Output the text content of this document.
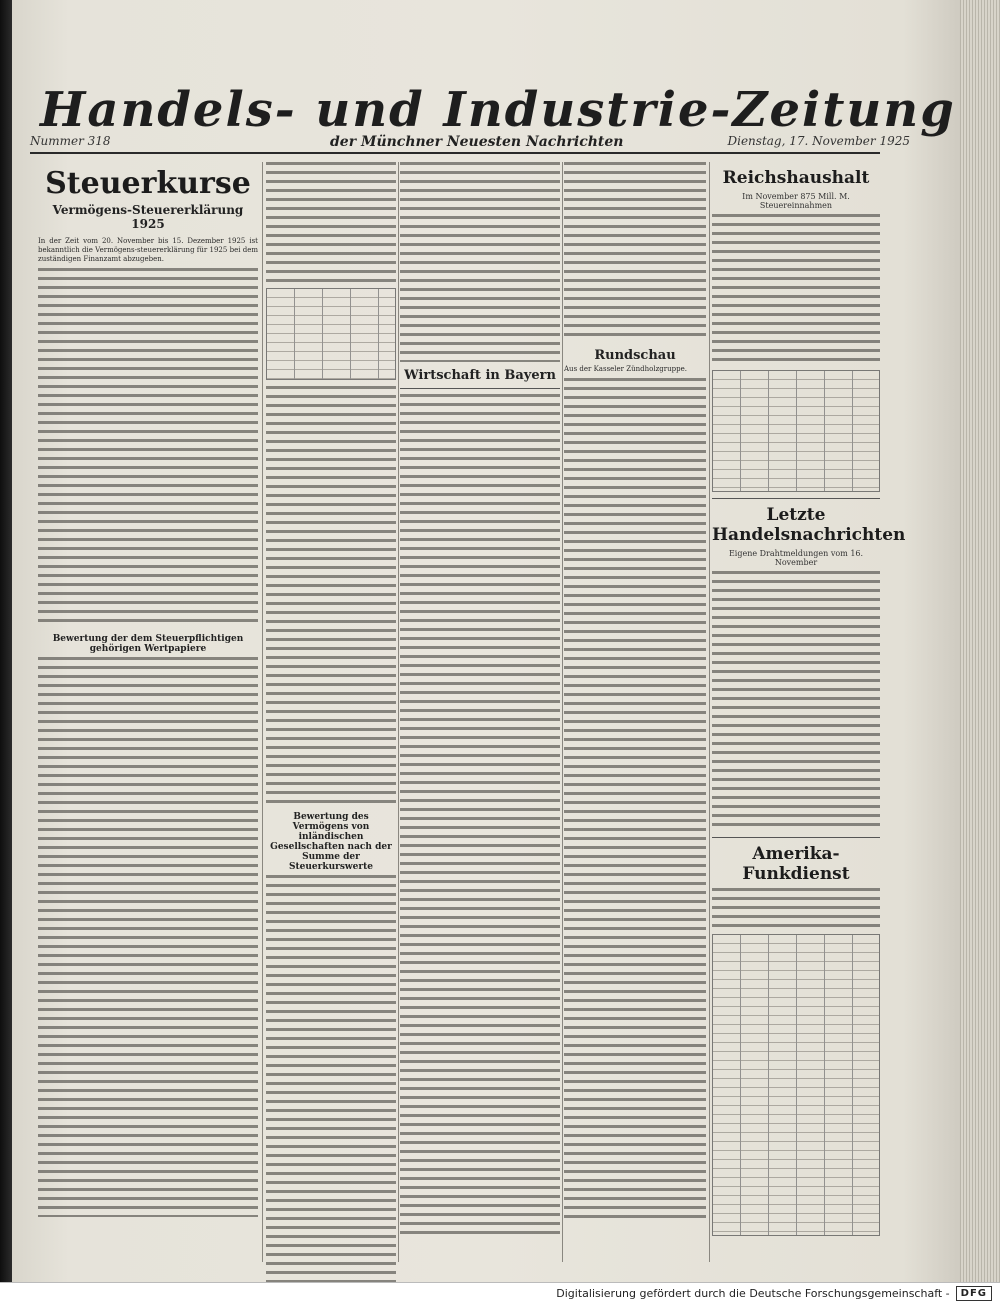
Handels- und Industrie-Zeitung
Nummer 318	der Münchner Neuesten Nachrichten	Dienstag, 17. November 1925
Steuerkurse
Vermögens-Steuererklärung 1925

In der Zeit vom 20. November bis 15. Dezember 1925 ist bekanntlich die Vermögens-steuererklärung für 1925 bei dem zuständigen Finanzamt abzugeben.

Bewertung der dem Steuerpflichtigen gehörigen Wertpapiere
Bewertung des Vermögens von inländischen Gesellschaften nach der Summe der Steuerkurswerte
Wirtschaft in Bayern
Rundschau

Aus der Kasseler Zündholzgruppe.

Reichshaushalt
Im November 875 Mill. M. Steuereinnahmen
Letzte Handelsnachrichten
Eigene Drahtmeldungen vom 16. November
Amerika-Funkdienst
Digitalisierung gefördert durch die Deutsche Forschungsgemeinschaft -	DFG
